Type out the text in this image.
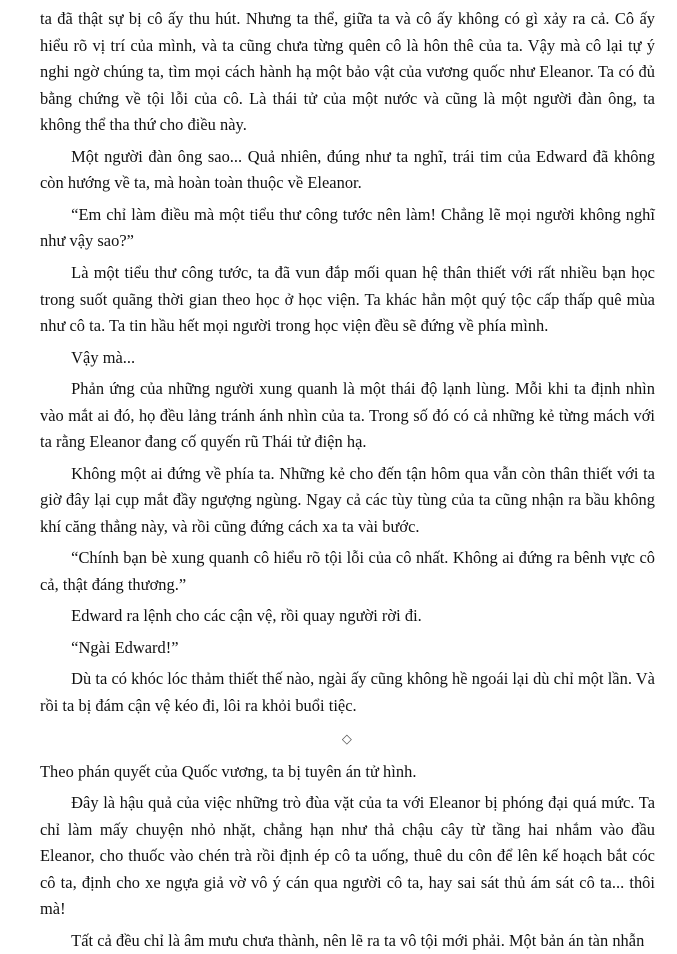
ta đã thật sự bị cô ấy thu hút. Nhưng ta thể, giữa ta và cô ấy không có gì xảy ra cả. Cô ấy hiểu rõ vị trí của mình, và ta cũng chưa từng quên cô là hôn thê của ta. Vậy mà cô lại tự ý nghi ngờ chúng ta, tìm mọi cách hành hạ một bảo vật của vương quốc như Eleanor. Ta có đủ bằng chứng về tội lỗi của cô. Là thái tử của một nước và cũng là một người đàn ông, ta không thể tha thứ cho điều này.

Một người đàn ông sao... Quả nhiên, đúng như ta nghĩ, trái tim của Edward đã không còn hướng về ta, mà hoàn toàn thuộc về Eleanor.

“Em chỉ làm điều mà một tiểu thư công tước nên làm! Chẳng lẽ mọi người không nghĩ như vậy sao?”

Là một tiểu thư công tước, ta đã vun đắp mối quan hệ thân thiết với rất nhiều bạn học trong suốt quãng thời gian theo học ở học viện. Ta khác hẳn một quý tộc cấp thấp quê mùa như cô ta. Ta tin hầu hết mọi người trong học viện đều sẽ đứng về phía mình.

Vậy mà...

Phản ứng của những người xung quanh là một thái độ lạnh lùng. Mỗi khi ta định nhìn vào mắt ai đó, họ đều lảng tránh ánh nhìn của ta. Trong số đó có cả những kẻ từng mách với ta rằng Eleanor đang cố quyến rũ Thái tử điện hạ.

Không một ai đứng về phía ta. Những kẻ cho đến tận hôm qua vẫn còn thân thiết với ta giờ đây lại cụp mắt đầy ngượng ngùng. Ngay cả các tùy tùng của ta cũng nhận ra bầu không khí căng thẳng này, và rồi cũng đứng cách xa ta vài bước.

“Chính bạn bè xung quanh cô hiểu rõ tội lỗi của cô nhất. Không ai đứng ra bênh vực cô cả, thật đáng thương.”

Edward ra lệnh cho các cận vệ, rồi quay người rời đi.

“Ngài Edward!”

Dù ta có khóc lóc thảm thiết thế nào, ngài ấy cũng không hề ngoái lại dù chỉ một lần. Và rồi ta bị đám cận vệ kéo đi, lôi ra khỏi buổi tiệc.

◇

Theo phán quyết của Quốc vương, ta bị tuyên án tử hình.

Đây là hậu quả của việc những trò đùa vặt của ta với Eleanor bị phóng đại quá mức. Ta chỉ làm mấy chuyện nhỏ nhặt, chẳng hạn như thả chậu cây từ tầng hai nhắm vào đầu Eleanor, cho thuốc vào chén trà rồi định ép cô ta uống, thuê du côn để lên kế hoạch bắt cóc cô ta, định cho xe ngựa giả vờ vô ý cán qua người cô ta, hay sai sát thủ ám sát cô ta... thôi mà!

Tất cả đều chỉ là âm mưu chưa thành, nên lẽ ra ta vô tội mới phải. Một bản án tàn nhẫn
